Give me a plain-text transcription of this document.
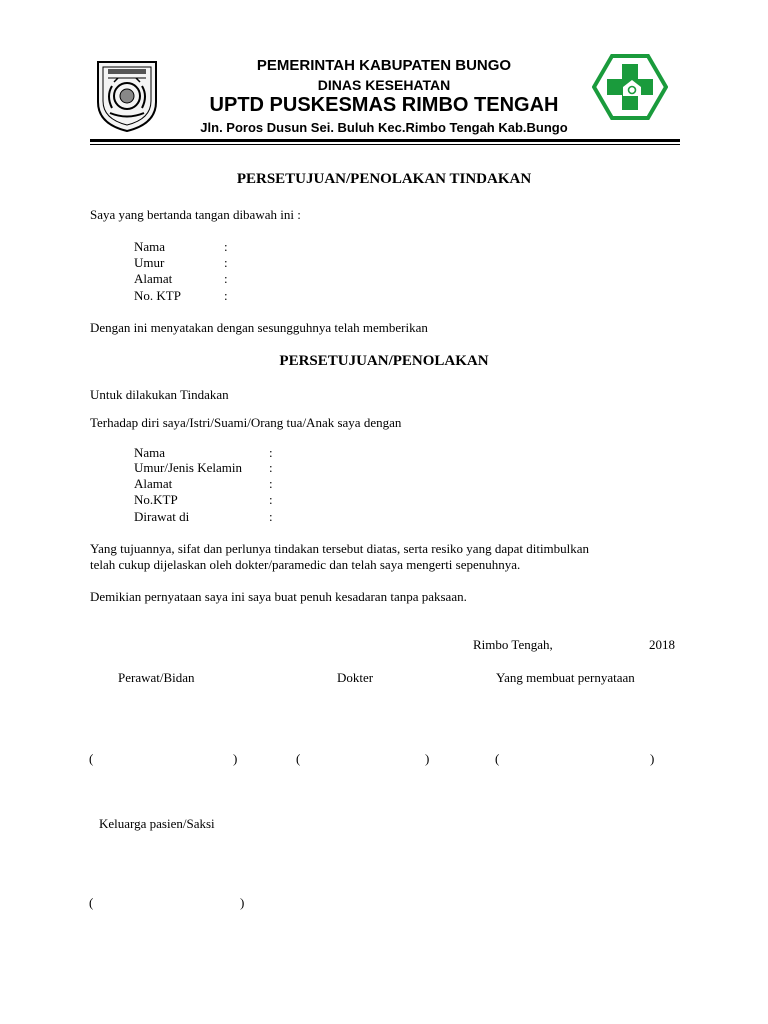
PEMERINTAH KABUPATEN BUNGO
DINAS KESEHATAN
UPTD PUSKESMAS RIMBO TENGAH
Jln. Poros Dusun Sei. Buluh Kec.Rimbo Tengah Kab.Bungo
PERSETUJUAN/PENOLAKAN TINDAKAN
Saya yang bertanda tangan dibawah ini :
Nama	:
Umur	:
Alamat	:
No. KTP	:
Dengan ini menyatakan dengan sesungguhnya telah memberikan
PERSETUJUAN/PENOLAKAN
Untuk dilakukan Tindakan
Terhadap diri saya/Istri/Suami/Orang tua/Anak saya dengan
Nama	:
Umur/Jenis Kelamin :
Alamat	:
No.KTP	:
Dirawat di	:
Yang tujuannya, sifat dan perlunya tindakan tersebut diatas, serta resiko yang dapat ditimbulkan
telah cukup dijelaskan oleh dokter/paramedic dan telah saya mengerti sepenuhnya.
Demikian pernyataan saya ini saya buat penuh kesadaran tanpa paksaan.
Rimbo Tengah,	2018
Perawat/Bidan	Dokter	Yang membuat pernyataan
(	)	(	)	(	)
Keluarga pasien/Saksi
(	)
